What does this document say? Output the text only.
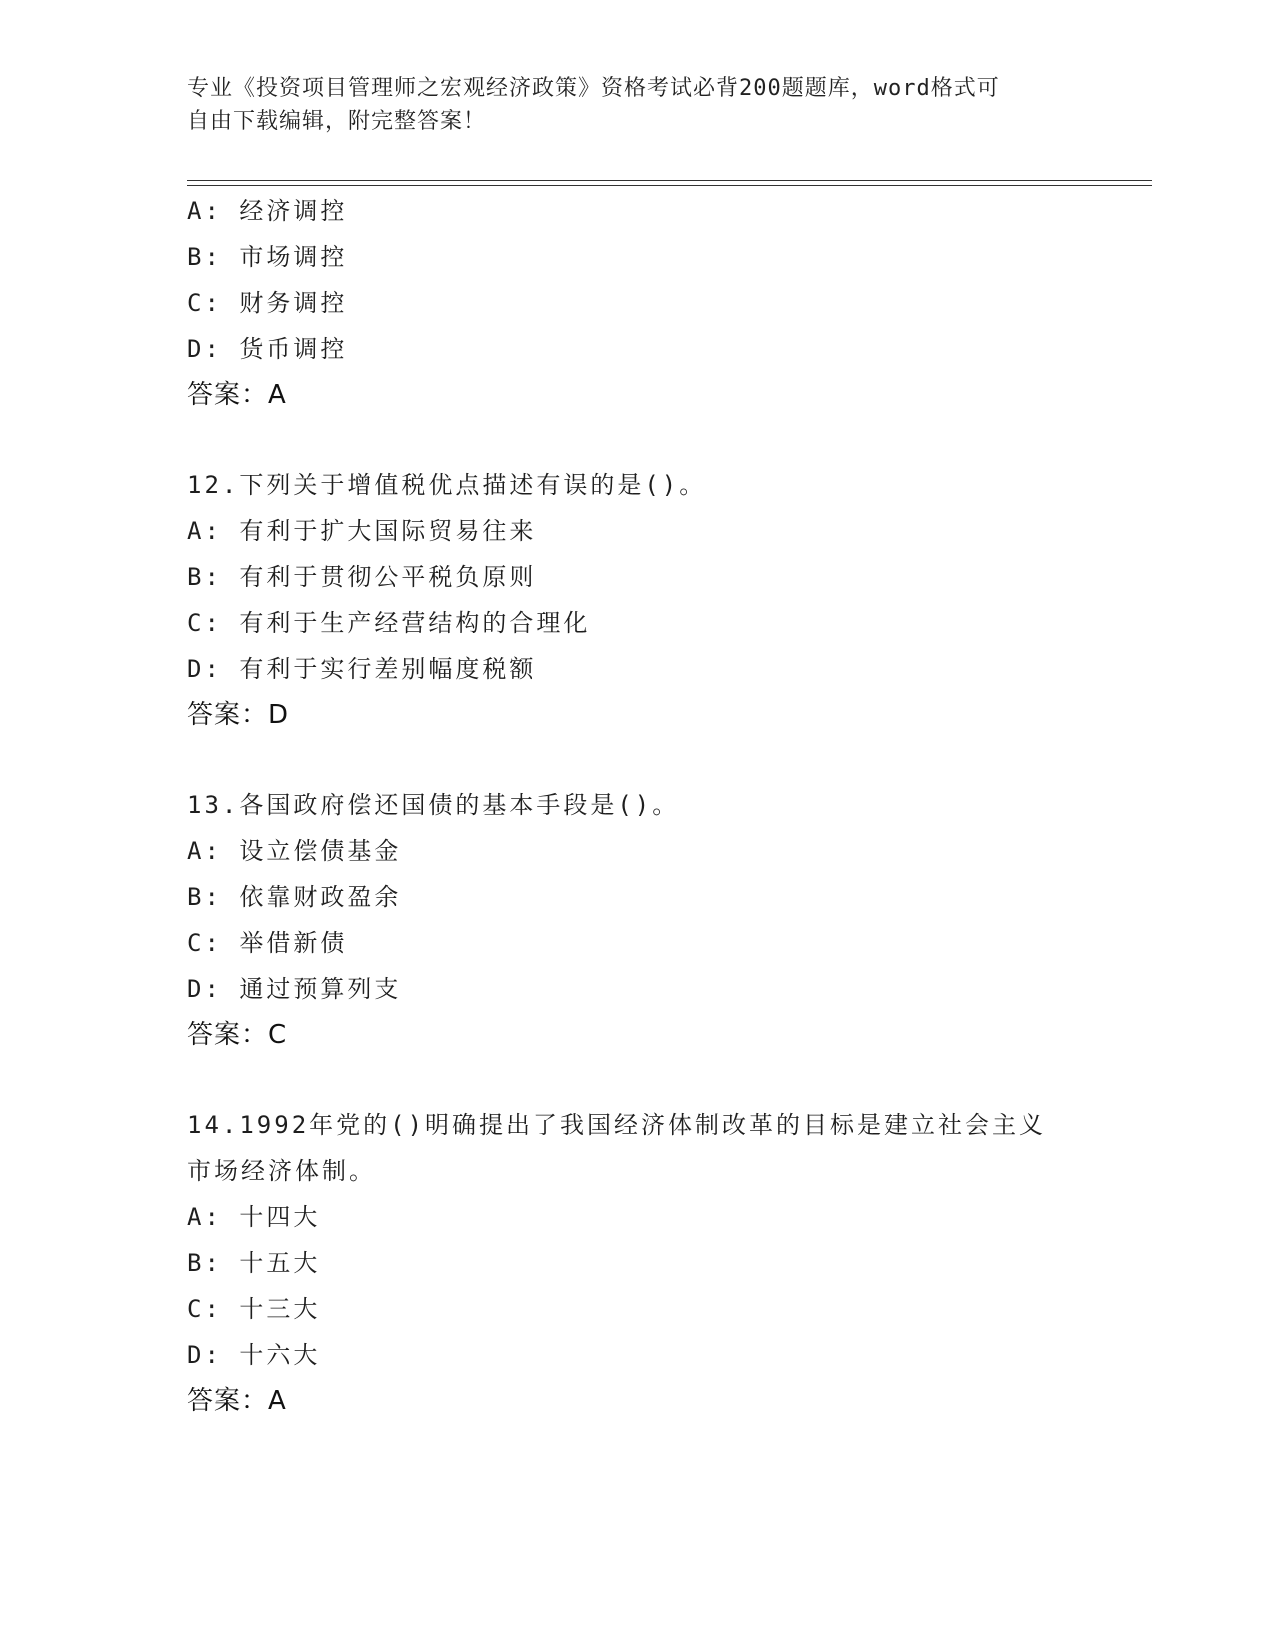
专业《投资项目管理师之宏观经济政策》资格考试必背200题题库，word格式可
自由下载编辑，附完整答案！
A: 经济调控
B: 市场调控
C: 财务调控
D: 货币调控
答案：A
12.下列关于增值税优点描述有误的是()。
A: 有利于扩大国际贸易往来
B: 有利于贯彻公平税负原则
C: 有利于生产经营结构的合理化
D: 有利于实行差别幅度税额
答案：D
13.各国政府偿还国债的基本手段是()。
A: 设立偿债基金
B: 依靠财政盈余
C: 举借新债
D: 通过预算列支
答案：C
14.1992年党的()明确提出了我国经济体制改革的目标是建立社会主义
市场经济体制。
A: 十四大
B: 十五大
C: 十三大
D: 十六大
答案：A
